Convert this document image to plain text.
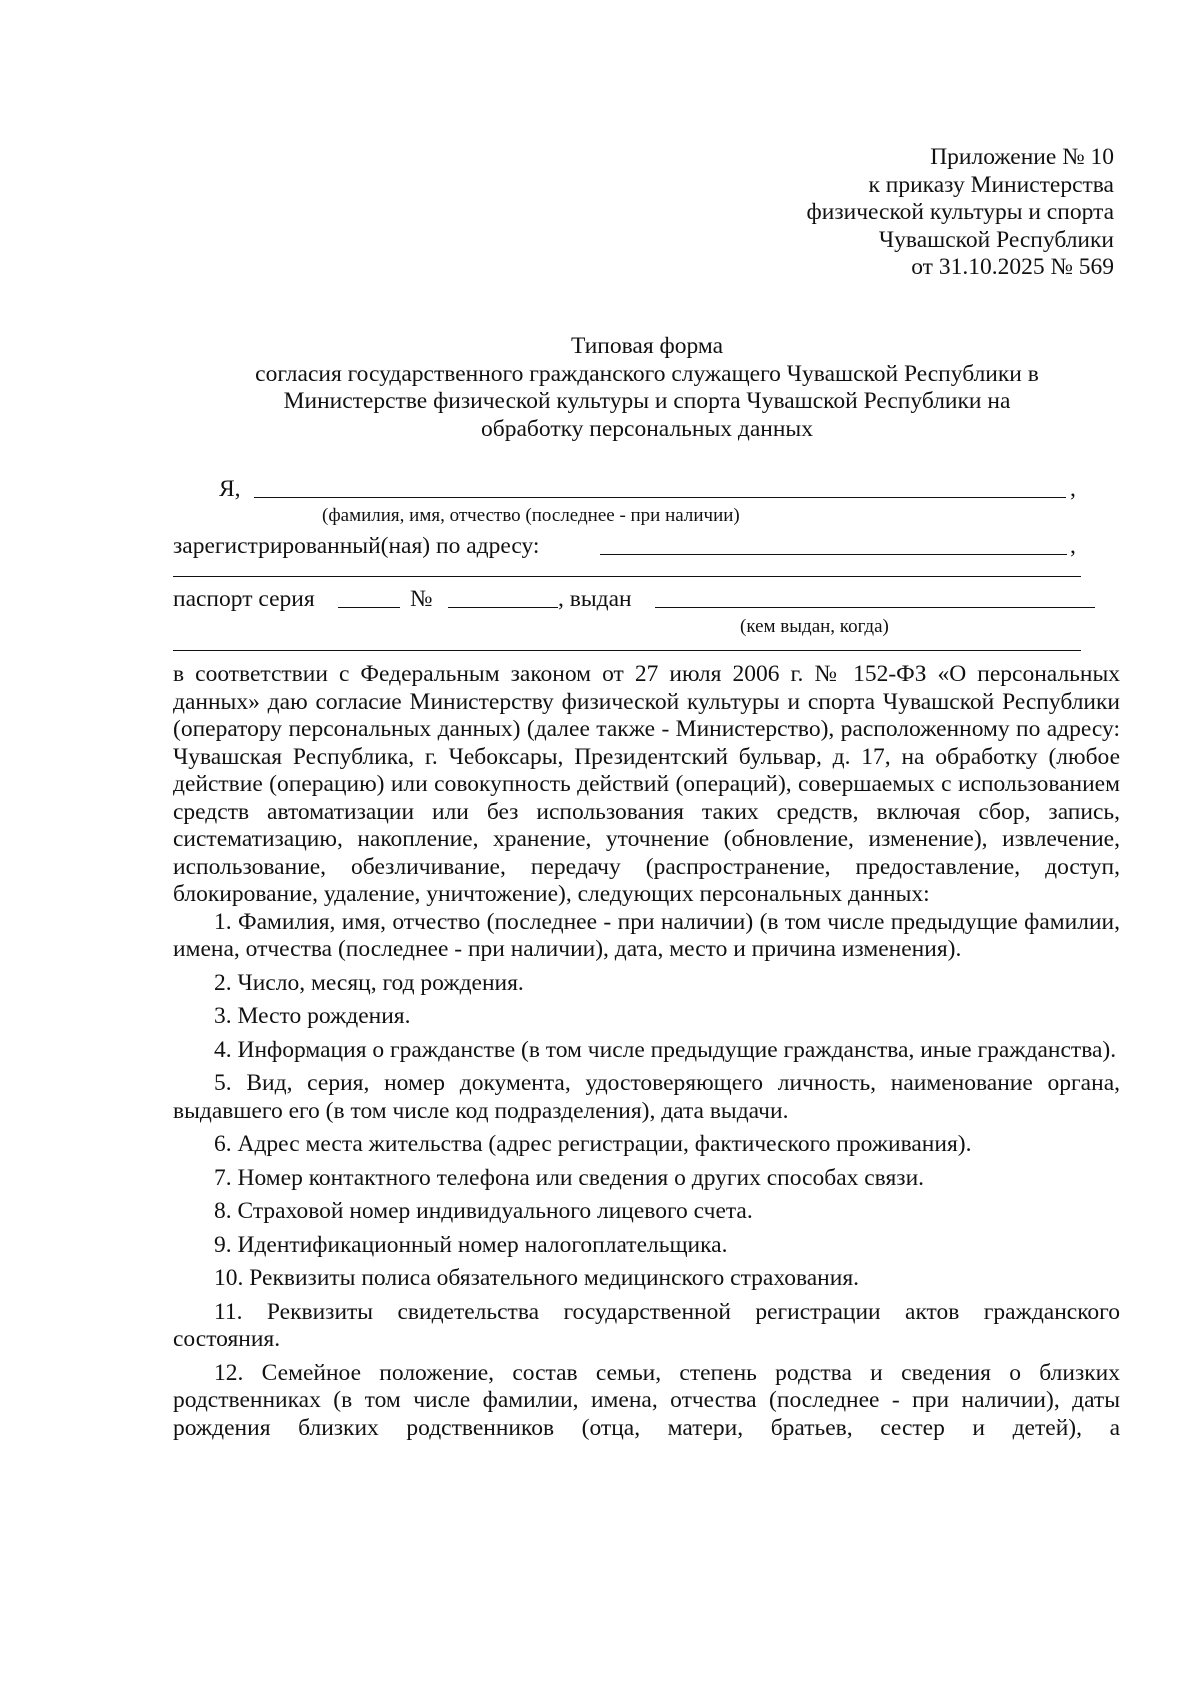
Приложение № 10
к приказу Министерства
физической культуры и спорта
Чувашской Республики
от 31.10.2025 № 569
Типовая форма
согласия государственного гражданского служащего Чувашской Республики в
Министерстве физической культуры и спорта Чувашской Республики на
обработку персональных данных
Я,	,
(фамилия, имя, отчество (последнее - при наличии)
зарегистрированный(ная) по адресу:	,
паспорт серия	№	, выдан
(кем выдан, когда)

в соответствии с Федеральным законом от 27 июля 2006 г. № 152-ФЗ «О персональных данных» даю согласие Министерству физической культуры и спорта Чувашской Республики (оператору персональных данных) (далее также - Министерство), расположенному по адресу: Чувашская Республика, г. Чебоксары, Президентский бульвар, д. 17, на обработку (любое действие (операцию) или совокупность действий (операций), совершаемых с использованием средств автоматизации или без использования таких средств, включая сбор, запись, систематизацию, накопление, хранение, уточнение (обновление, изменение), извлечение, использование, обезличивание, передачу (распространение, предоставление, доступ, блокирование, удаление, уничтожение), следующих персональных данных:

1. Фамилия, имя, отчество (последнее - при наличии) (в том числе предыдущие фамилии, имена, отчества (последнее - при наличии), дата, место и причина изменения).

2. Число, месяц, год рождения.

3. Место рождения.

4. Информация о гражданстве (в том числе предыдущие гражданства, иные гражданства).

5. Вид, серия, номер документа, удостоверяющего личность, наименование органа, выдавшего его (в том числе код подразделения), дата выдачи.

6. Адрес места жительства (адрес регистрации, фактического проживания).

7. Номер контактного телефона или сведения о других способах связи.

8. Страховой номер индивидуального лицевого счета.

9. Идентификационный номер налогоплательщика.

10. Реквизиты полиса обязательного медицинского страхования.

11. Реквизиты свидетельства государственной регистрации актов гражданского состояния.

12. Семейное положение, состав семьи, степень родства и сведения о близких родственниках (в том числе фамилии, имена, отчества (последнее - при наличии), даты рождения близких родственников (отца, матери, братьев, сестер и детей), а
